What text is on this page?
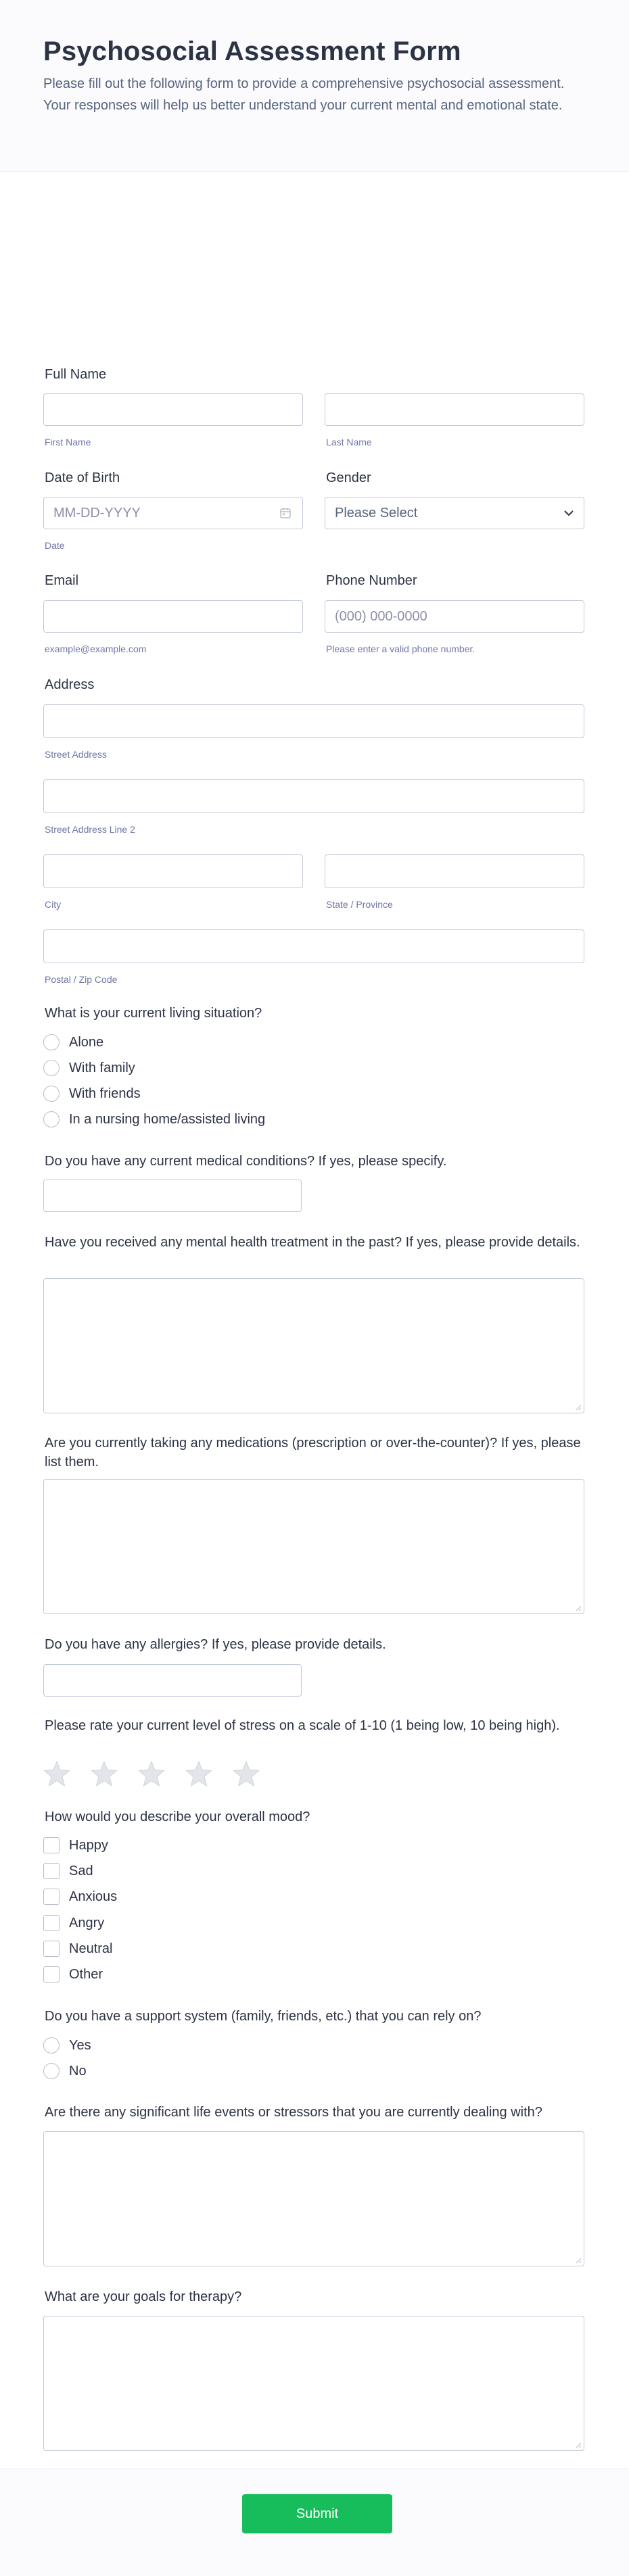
Psychosocial Assessment Form

Please fill out the following form to provide a comprehensive psychosocial assessment. Your responses will help us better understand your current mental and emotional state.

Full Name
First Name	Last Name
Date of Birth
MM-DD-YYYY
Date
Gender
Please Select
Email
example@example.com
Phone Number
(000) 000-0000
Please enter a valid phone number.
Address
Street Address
Street Address Line 2
City	State / Province
Postal / Zip Code
What is your current living situation?
Alone
With family
With friends
In a nursing home/assisted living
Do you have any current medical conditions? If yes, please specify.
Have you received any mental health treatment in the past? If yes, please provide details.
Are you currently taking any medications (prescription or over-the-counter)? If yes, please list them.
Do you have any allergies? If yes, please provide details.
Please rate your current level of stress on a scale of 1-10 (1 being low, 10 being high).
How would you describe your overall mood?
Happy
Sad
Anxious
Angry
Neutral
Other
Do you have a support system (family, friends, etc.) that you can rely on?
Yes
No
Are there any significant life events or stressors that you are currently dealing with?
What are your goals for therapy?
Submit
